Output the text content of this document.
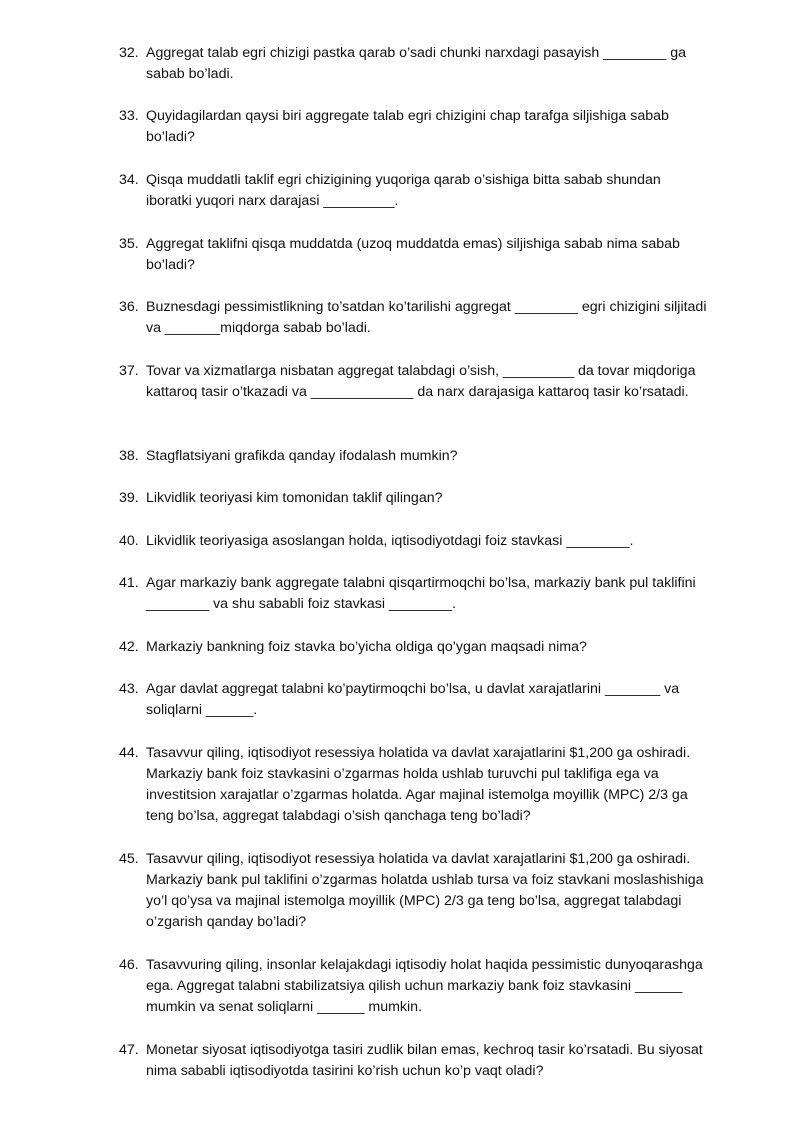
32. Aggregat talab egri chizigi pastka qarab o’sadi chunki narxdagi pasayish ________ ga sabab bo’ladi.
33. Quyidagilardan qaysi biri aggregate talab egri chizigini chap tarafga siljishiga sabab bo’ladi?
34. Qisqa muddatli taklif egri chizigining yuqoriga qarab o’sishiga bitta sabab shundan iboratki yuqori narx darajasi _________.
35. Aggregat taklifni qisqa muddatda (uzoq muddatda emas) siljishiga sabab nima sabab bo’ladi?
36. Buznesdagi pessimistlikning to’satdan ko’tarilishi aggregat ________ egri chizigini siljitadi va _______miqdorga sabab bo’ladi.
37. Tovar va xizmatlarga nisbatan aggregat talabdagi o’sish, _________ da tovar miqdoriga kattaroq tasir o’tkazadi va _____________ da narx darajasiga kattaroq tasir ko’rsatadi.
38. Stagflatsiyani grafikda qanday ifodalash mumkin?
39. Likvidlik teoriyasi kim tomonidan taklif qilingan?
40. Likvidlik teoriyasiga asoslangan holda, iqtisodiyotdagi foiz stavkasi ________.
41. Agar markaziy bank aggregate talabni qisqartirmoqchi bo’lsa, markaziy bank pul taklifini ________ va shu sababli foiz stavkasi ________.
42. Markaziy bankning foiz stavka bo’yicha oldiga qo’ygan maqsadi nima?
43. Agar davlat aggregat talabni ko’paytirmoqchi bo’lsa, u davlat xarajatlarini _______ va soliqlarni ______.
44. Tasavvur qiling, iqtisodiyot resessiya holatida va davlat xarajatlarini $1,200 ga oshiradi. Markaziy bank foiz stavkasini o’zgarmas holda ushlab turuvchi pul taklifiga ega va investitsion xarajatlar o’zgarmas holatda. Agar majinal istemolga moyillik (MPC) 2/3 ga teng bo’lsa, aggregat talabdagi o’sish qanchaga teng bo’ladi?
45. Tasavvur qiling, iqtisodiyot resessiya holatida va davlat xarajatlarini $1,200 ga oshiradi. Markaziy bank pul taklifini o’zgarmas holatda ushlab tursa va foiz stavkani moslashishiga yo’l qo’ysa va majinal istemolga moyillik (MPC) 2/3 ga teng bo’lsa, aggregat talabdagi o’zgarish qanday bo’ladi?
46. Tasavvuring qiling, insonlar kelajakdagi iqtisodiy holat haqida pessimistic dunyoqarashga ega. Aggregat talabni stabilizatsiya qilish uchun markaziy bank foiz stavkasini ______ mumkin va senat soliqlarni ______ mumkin.
47. Monetar siyosat iqtisodiyotga tasiri zudlik bilan emas, kechroq tasir ko’rsatadi. Bu siyosat nima sababli iqtisodiyotda tasirini ko’rish uchun ko’p vaqt oladi?
